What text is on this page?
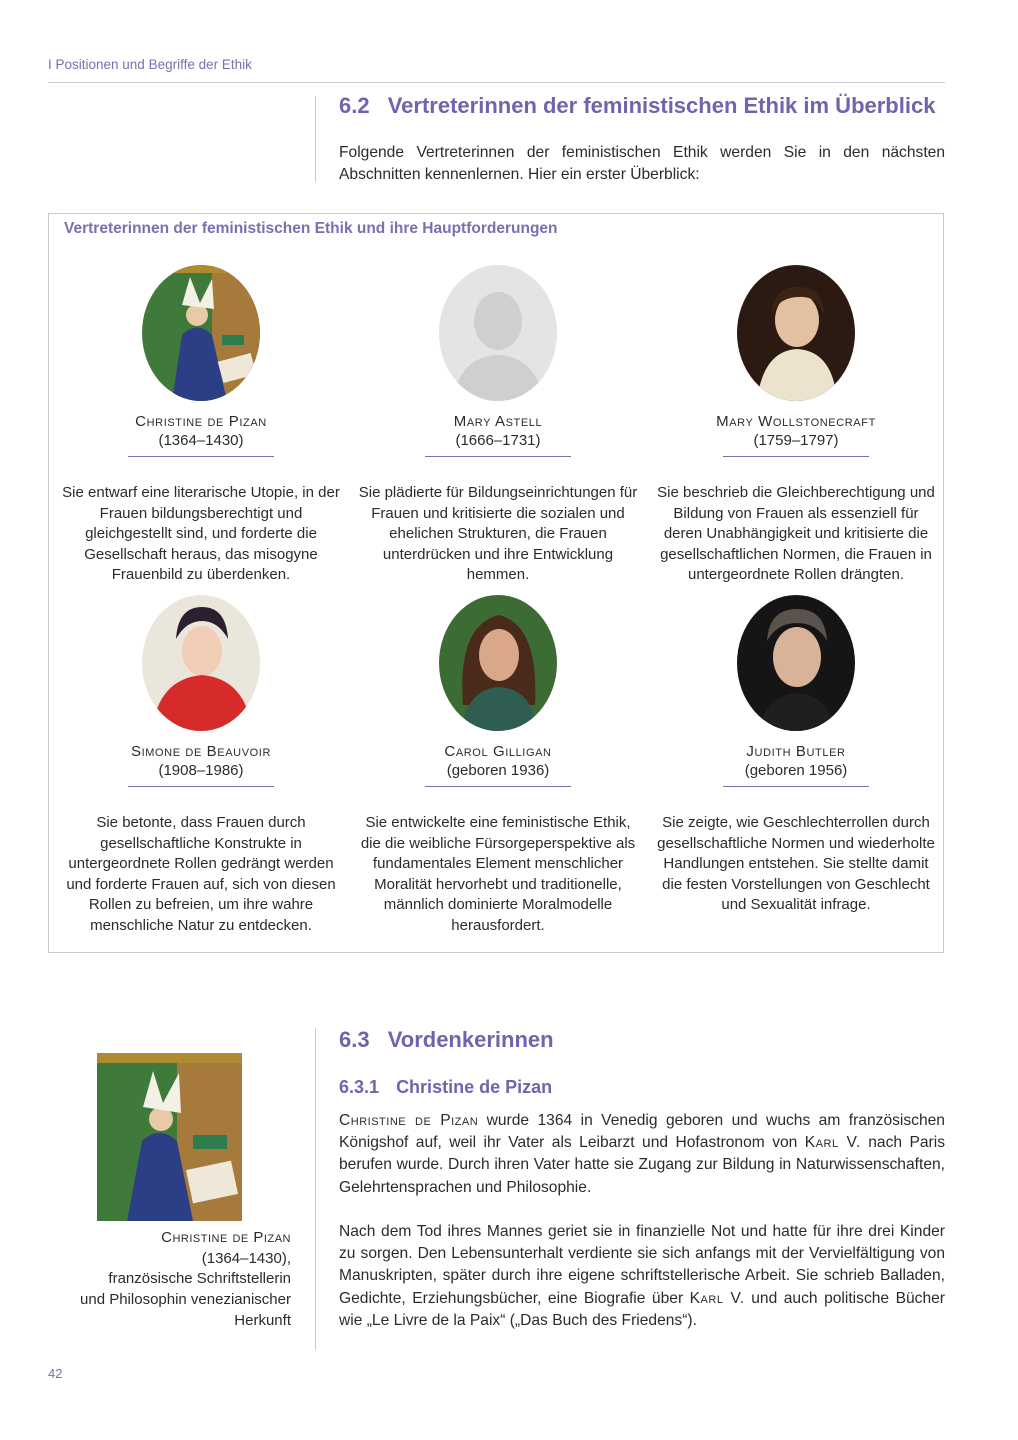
I Positionen und Begriffe der Ethik
6.2 Vertreterinnen der feministischen Ethik im Überblick
Folgende Vertreterinnen der feministischen Ethik werden Sie in den nächsten Abschnitten kennenlernen. Hier ein erster Überblick:
Vertreterinnen der feministischen Ethik und ihre Hauptforderungen
Christine de Pizan
(1364–1430)
Sie entwarf eine literarische Utopie, in der Frauen bildungsberechtigt und gleichgestellt sind, und forderte die Gesellschaft heraus, das misogyne Frauenbild zu überdenken.
Mary Astell
(1666–1731)
Sie plädierte für Bildungseinrichtungen für Frauen und kritisierte die sozialen und ehelichen Strukturen, die Frauen unterdrücken und ihre Entwicklung hemmen.
Mary Wollstonecraft
(1759–1797)
Sie beschrieb die Gleichberechtigung und Bildung von Frauen als essenziell für deren Unabhängigkeit und kritisierte die gesellschaftlichen Normen, die Frauen in untergeordnete Rollen drängten.
Simone de Beauvoir
(1908–1986)
Sie betonte, dass Frauen durch gesellschaftliche Konstrukte in untergeordnete Rollen gedrängt werden und forderte Frauen auf, sich von diesen Rollen zu befreien, um ihre wahre menschliche Natur zu entdecken.
Carol Gilligan
(geboren 1936)
Sie entwickelte eine feministische Ethik, die die weibliche Fürsorgeperspektive als fundamentales Element menschlicher Moralität hervorhebt und traditionelle, männlich dominierte Moralmodelle herausfordert.
Judith Butler
(geboren 1956)
Sie zeigte, wie Geschlechterrollen durch gesellschaftliche Normen und wiederholte Handlungen entstehen. Sie stellte damit die festen Vorstellungen von Geschlecht und Sexualität infrage.
6.3 Vordenkerinnen
6.3.1 Christine de Pizan
Christine de Pizan wurde 1364 in Venedig geboren und wuchs am französischen Königshof auf, weil ihr Vater als Leibarzt und Hofastronom von Karl V. nach Paris berufen wurde. Durch ihren Vater hatte sie Zugang zur Bildung in Naturwissenschaften, Gelehrtensprachen und Philosophie.
Nach dem Tod ihres Mannes geriet sie in finanzielle Not und hatte für ihre drei Kinder zu sorgen. Den Lebensunterhalt verdiente sie sich anfangs mit der Vervielfältigung von Manuskripten, später durch ihre eigene schriftstellerische Arbeit. Sie schrieb Balladen, Gedichte, Erziehungsbücher, eine Biografie über Karl V. und auch politische Bücher wie „Le Livre de la Paix“ („Das Buch des Friedens“).
Christine de Pizan
(1364–1430),
französische Schriftstellerin
und Philosophin venezianischer
Herkunft
42
